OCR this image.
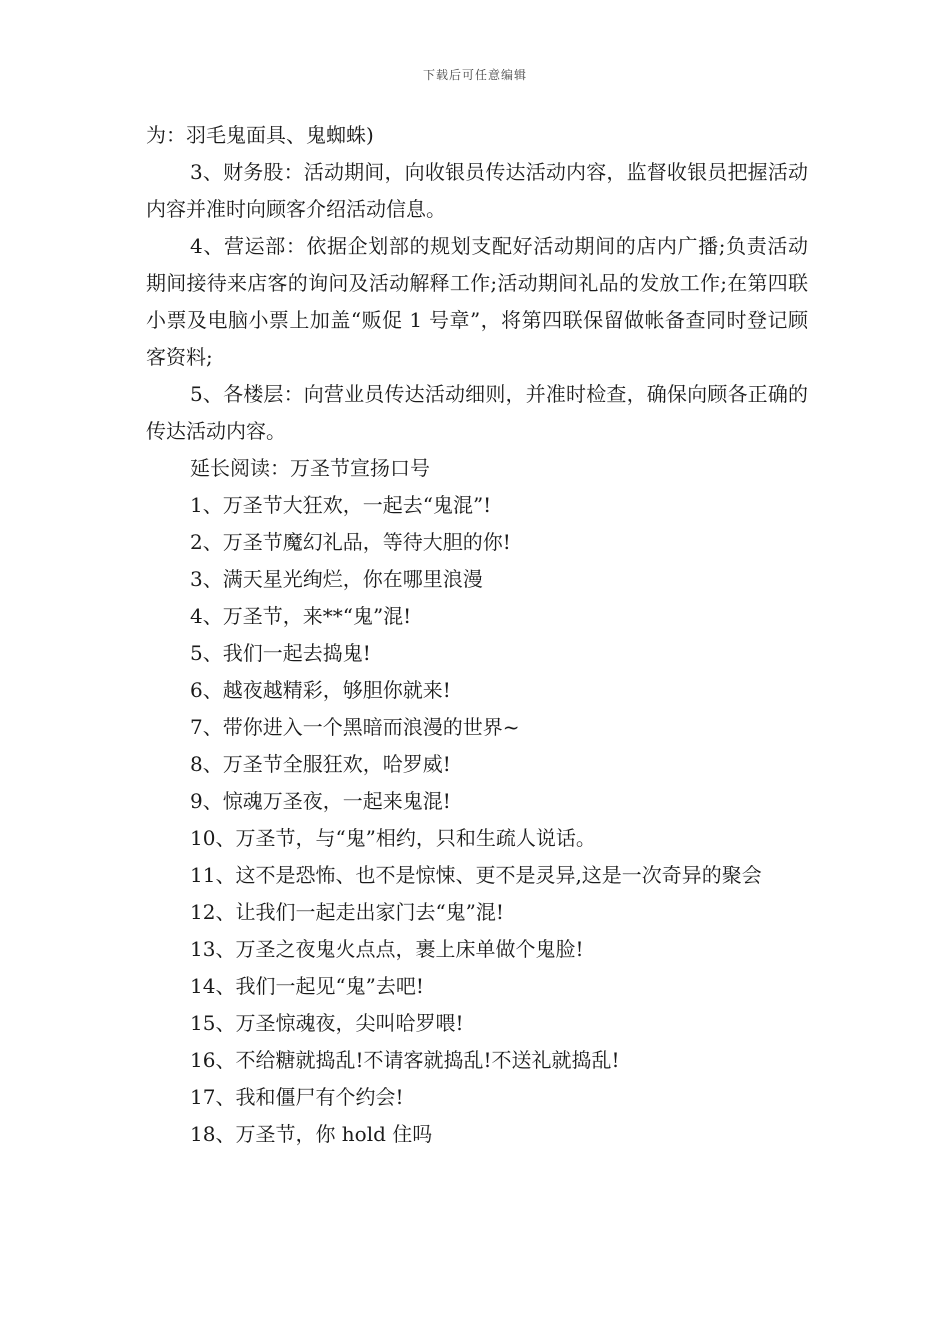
下载后可任意编辑

为：羽毛鬼面具、鬼蜘蛛)

3、财务股：活动期间，向收银员传达活动内容，监督收银员把握活动内容并准时向顾客介绍活动信息。

4、营运部：依据企划部的规划支配好活动期间的店内广播;负责活动期间接待来店客的询问及活动解释工作;活动期间礼品的发放工作;在第四联小票及电脑小票上加盖“贩促 1 号章”，将第四联保留做帐备查同时登记顾客资料;

5、各楼层：向营业员传达活动细则，并准时检查，确保向顾各正确的传达活动内容。

延长阅读：万圣节宣扬口号

1、万圣节大狂欢，一起去“鬼混”!

2、万圣节魔幻礼品，等待大胆的你!

3、满天星光绚烂，你在哪里浪漫

4、万圣节，来**“鬼”混!

5、我们一起去捣鬼!

6、越夜越精彩，够胆你就来!

7、带你进入一个黑暗而浪漫的世界~

8、万圣节全服狂欢，哈罗威!

9、惊魂万圣夜，一起来鬼混!

10、万圣节，与“鬼”相约，只和生疏人说话。

11、这不是恐怖、也不是惊悚、更不是灵异,这是一次奇异的聚会

12、让我们一起走出家门去“鬼”混!

13、万圣之夜鬼火点点，裹上床单做个鬼脸!

14、我们一起见“鬼”去吧!

15、万圣惊魂夜，尖叫哈罗喂!

16、不给糖就捣乱!不请客就捣乱!不送礼就捣乱!

17、我和僵尸有个约会!

18、万圣节，你 hold 住吗
